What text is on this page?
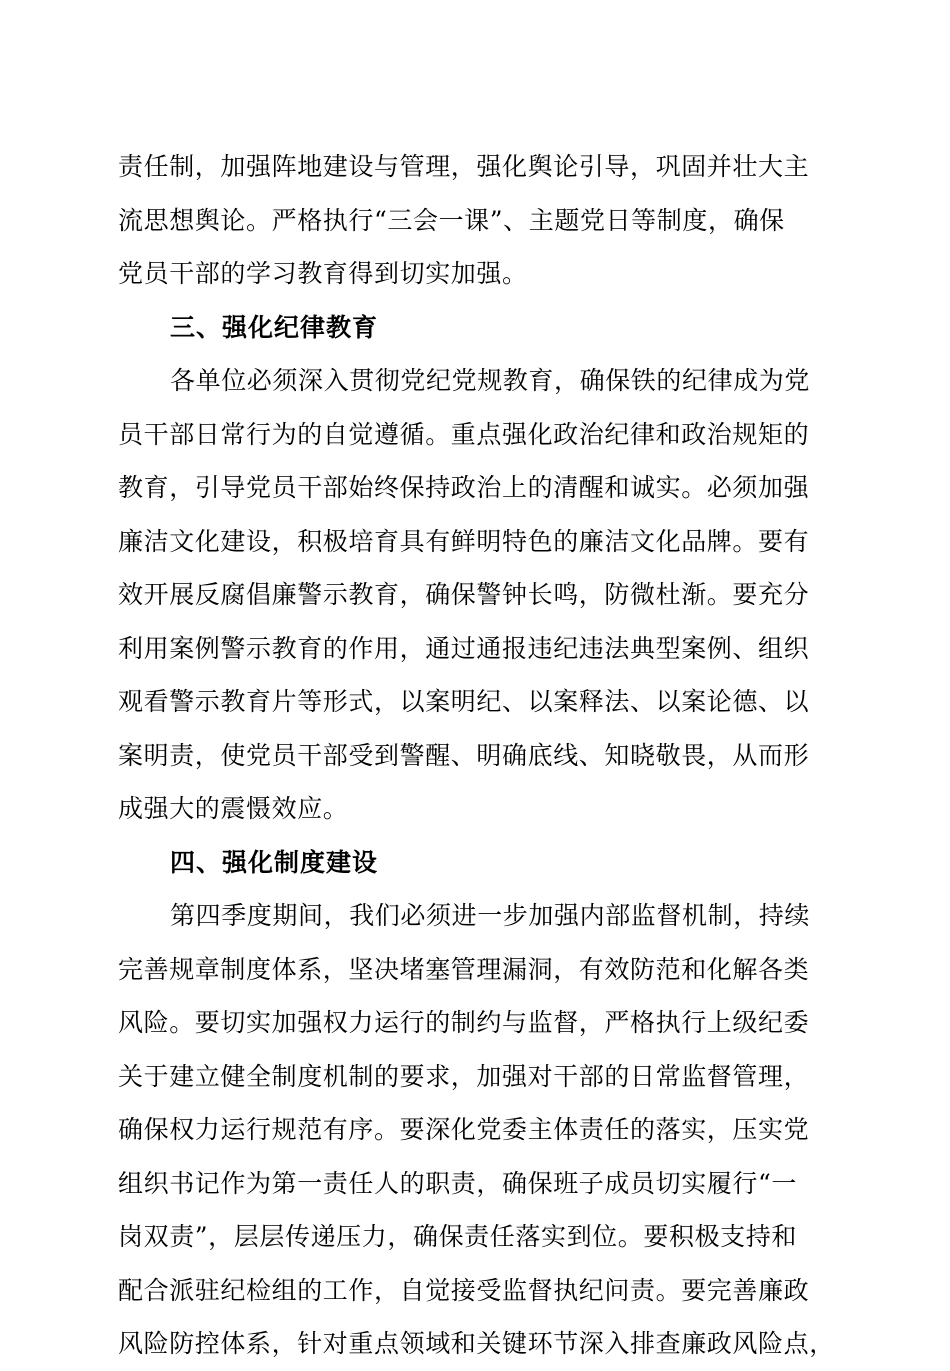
责任制，加强阵地建设与管理，强化舆论引导，巩固并壮大主
流思想舆论。严格执行“三会一课”、主题党日等制度，确保
党员干部的学习教育得到切实加强。
三、强化纪律教育
各单位必须深入贯彻党纪党规教育，确保铁的纪律成为党
员干部日常行为的自觉遵循。重点强化政治纪律和政治规矩的
教育，引导党员干部始终保持政治上的清醒和诚实。必须加强
廉洁文化建设，积极培育具有鲜明特色的廉洁文化品牌。要有
效开展反腐倡廉警示教育，确保警钟长鸣，防微杜渐。要充分
利用案例警示教育的作用，通过通报违纪违法典型案例、组织
观看警示教育片等形式，以案明纪、以案释法、以案论德、以
案明责，使党员干部受到警醒、明确底线、知晓敬畏，从而形
成强大的震慑效应。
四、强化制度建设
第四季度期间，我们必须进一步加强内部监督机制，持续
完善规章制度体系，坚决堵塞管理漏洞，有效防范和化解各类
风险。要切实加强权力运行的制约与监督，严格执行上级纪委
关于建立健全制度机制的要求，加强对干部的日常监督管理，
确保权力运行规范有序。要深化党委主体责任的落实，压实党
组织书记作为第一责任人的职责，确保班子成员切实履行“一
岗双责”，层层传递压力，确保责任落实到位。要积极支持和
配合派驻纪检组的工作，自觉接受监督执纪问责。要完善廉政
风险防控体系，针对重点领域和关键环节深入排查廉政风险点，
